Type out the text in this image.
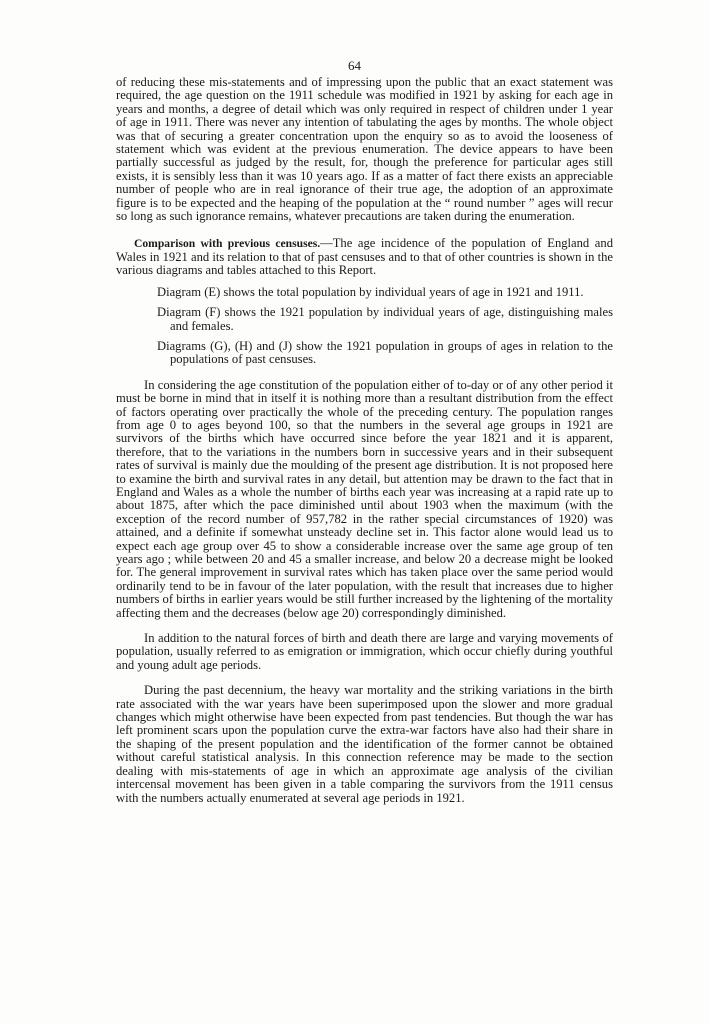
64

of reducing these mis-statements and of impressing upon the public that an exact statement was required, the age question on the 1911 schedule was modified in 1921 by asking for each age in years and months, a degree of detail which was only required in respect of children under 1 year of age in 1911. There was never any intention of tabulating the ages by months. The whole object was that of securing a greater concentration upon the enquiry so as to avoid the looseness of statement which was evident at the previous enumeration. The device appears to have been partially successful as judged by the result, for, though the preference for particular ages still exists, it is sensibly less than it was 10 years ago. If as a matter of fact there exists an appreciable number of people who are in real ignorance of their true age, the adoption of an approximate figure is to be expected and the heaping of the population at the “ round number ” ages will recur so long as such ignorance remains, whatever precautions are taken during the enumeration.

Comparison with previous censuses.—The age incidence of the population of England and Wales in 1921 and its relation to that of past censuses and to that of other countries is shown in the various diagrams and tables attached to this Report.

Diagram (E) shows the total population by individual years of age in 1921 and 1911.

Diagram (F) shows the 1921 population by individual years of age, distinguishing males and females.

Diagrams (G), (H) and (J) show the 1921 population in groups of ages in relation to the populations of past censuses.

In considering the age constitution of the population either of to-day or of any other period it must be borne in mind that in itself it is nothing more than a resultant distribution from the effect of factors operating over practically the whole of the preceding century. The population ranges from age 0 to ages beyond 100, so that the numbers in the several age groups in 1921 are survivors of the births which have occurred since before the year 1821 and it is apparent, therefore, that to the variations in the numbers born in successive years and in their subsequent rates of survival is mainly due the moulding of the present age distribution. It is not proposed here to examine the birth and survival rates in any detail, but attention may be drawn to the fact that in England and Wales as a whole the number of births each year was increasing at a rapid rate up to about 1875, after which the pace diminished until about 1903 when the maximum (with the exception of the record number of 957,782 in the rather special circumstances of 1920) was attained, and a definite if somewhat unsteady decline set in. This factor alone would lead us to expect each age group over 45 to show a considerable increase over the same age group of ten years ago ; while between 20 and 45 a smaller increase, and below 20 a decrease might be looked for. The general improvement in survival rates which has taken place over the same period would ordinarily tend to be in favour of the later population, with the result that increases due to higher numbers of births in earlier years would be still further increased by the lightening of the mortality affecting them and the decreases (below age 20) correspondingly diminished.

In addition to the natural forces of birth and death there are large and varying movements of population, usually referred to as emigration or immigration, which occur chiefly during youthful and young adult age periods.

During the past decennium, the heavy war mortality and the striking variations in the birth rate associated with the war years have been superimposed upon the slower and more gradual changes which might otherwise have been expected from past tendencies. But though the war has left prominent scars upon the population curve the extra-war factors have also had their share in the shaping of the present population and the identification of the former cannot be obtained without careful statistical analysis. In this connection reference may be made to the section dealing with mis-statements of age in which an approximate age analysis of the civilian intercensal movement has been given in a table comparing the survivors from the 1911 census with the numbers actually enumerated at several age periods in 1921.
